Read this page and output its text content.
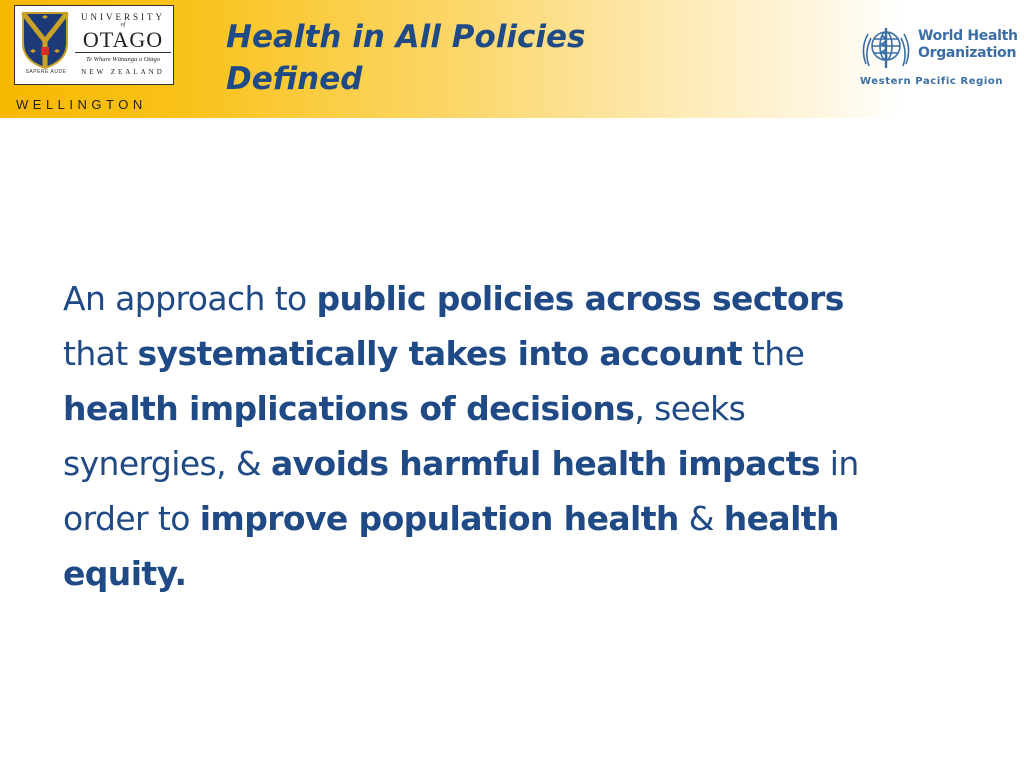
SAPERE AUDE
UNIVERSITY
of
OTAGO
Te Whare Wānanga o Otāgo
NEW ZEALAND
WELLINGTON
Health in All Policies
Defined
World Health
Organization
Western Pacific Region
An approach to public policies across sectors
that systematically takes into account the
health implications of decisions, seeks
synergies, & avoids harmful health impacts in
order to improve population health & health
equity.
